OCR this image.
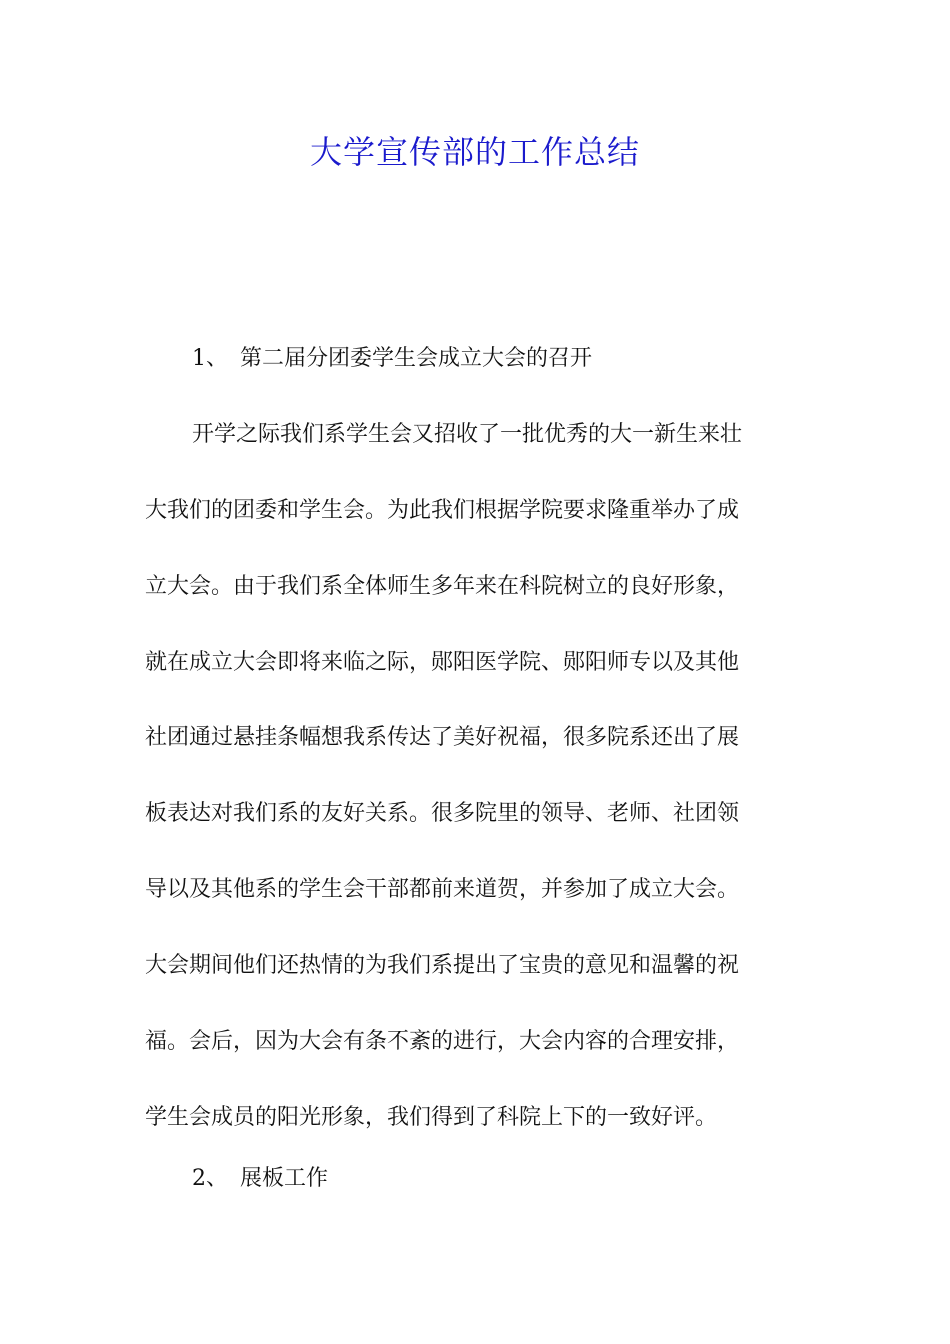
大学宣传部的工作总结
1、 第二届分团委学生会成立大会的召开
开学之际我们系学生会又招收了一批优秀的大一新生来壮
大我们的团委和学生会。为此我们根据学院要求隆重举办了成
立大会。由于我们系全体师生多年来在科院树立的良好形象，
就在成立大会即将来临之际，郧阳医学院、郧阳师专以及其他
社团通过悬挂条幅想我系传达了美好祝福，很多院系还出了展
板表达对我们系的友好关系。很多院里的领导、老师、社团领
导以及其他系的学生会干部都前来道贺，并参加了成立大会。
大会期间他们还热情的为我们系提出了宝贵的意见和温馨的祝
福。会后，因为大会有条不紊的进行，大会内容的合理安排，
学生会成员的阳光形象，我们得到了科院上下的一致好评。
2、 展板工作
